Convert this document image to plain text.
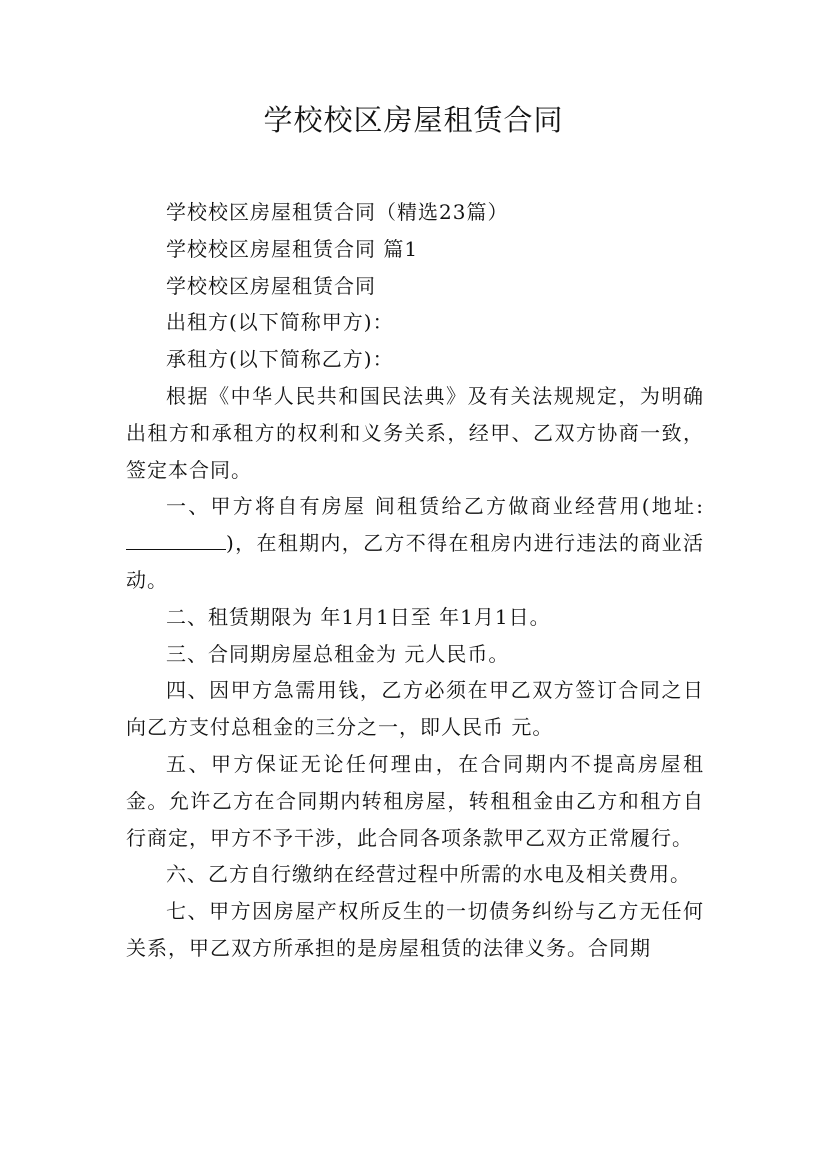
学校校区房屋租赁合同

学校校区房屋租赁合同（精选23篇）

学校校区房屋租赁合同 篇1

学校校区房屋租赁合同

出租方(以下简称甲方)：

承租方(以下简称乙方)：

根据《中华人民共和国民法典》及有关法规规定，为明确出租方和承租方的权利和义务关系，经甲、乙双方协商一致，签定本合同。

一、甲方将自有房屋 间租赁给乙方做商业经营用(地址:)，在租期内，乙方不得在租房内进行违法的商业活动。

二、租赁期限为 年1月1日至 年1月1日。

三、合同期房屋总租金为 元人民币。

四、因甲方急需用钱，乙方必须在甲乙双方签订合同之日向乙方支付总租金的三分之一，即人民币 元。

五、甲方保证无论任何理由，在合同期内不提高房屋租金。允许乙方在合同期内转租房屋，转租租金由乙方和租方自行商定，甲方不予干涉，此合同各项条款甲乙双方正常履行。

六、乙方自行缴纳在经营过程中所需的水电及相关费用。

七、甲方因房屋产权所反生的一切债务纠纷与乙方无任何关系，甲乙双方所承担的是房屋租赁的法律义务。合同期
